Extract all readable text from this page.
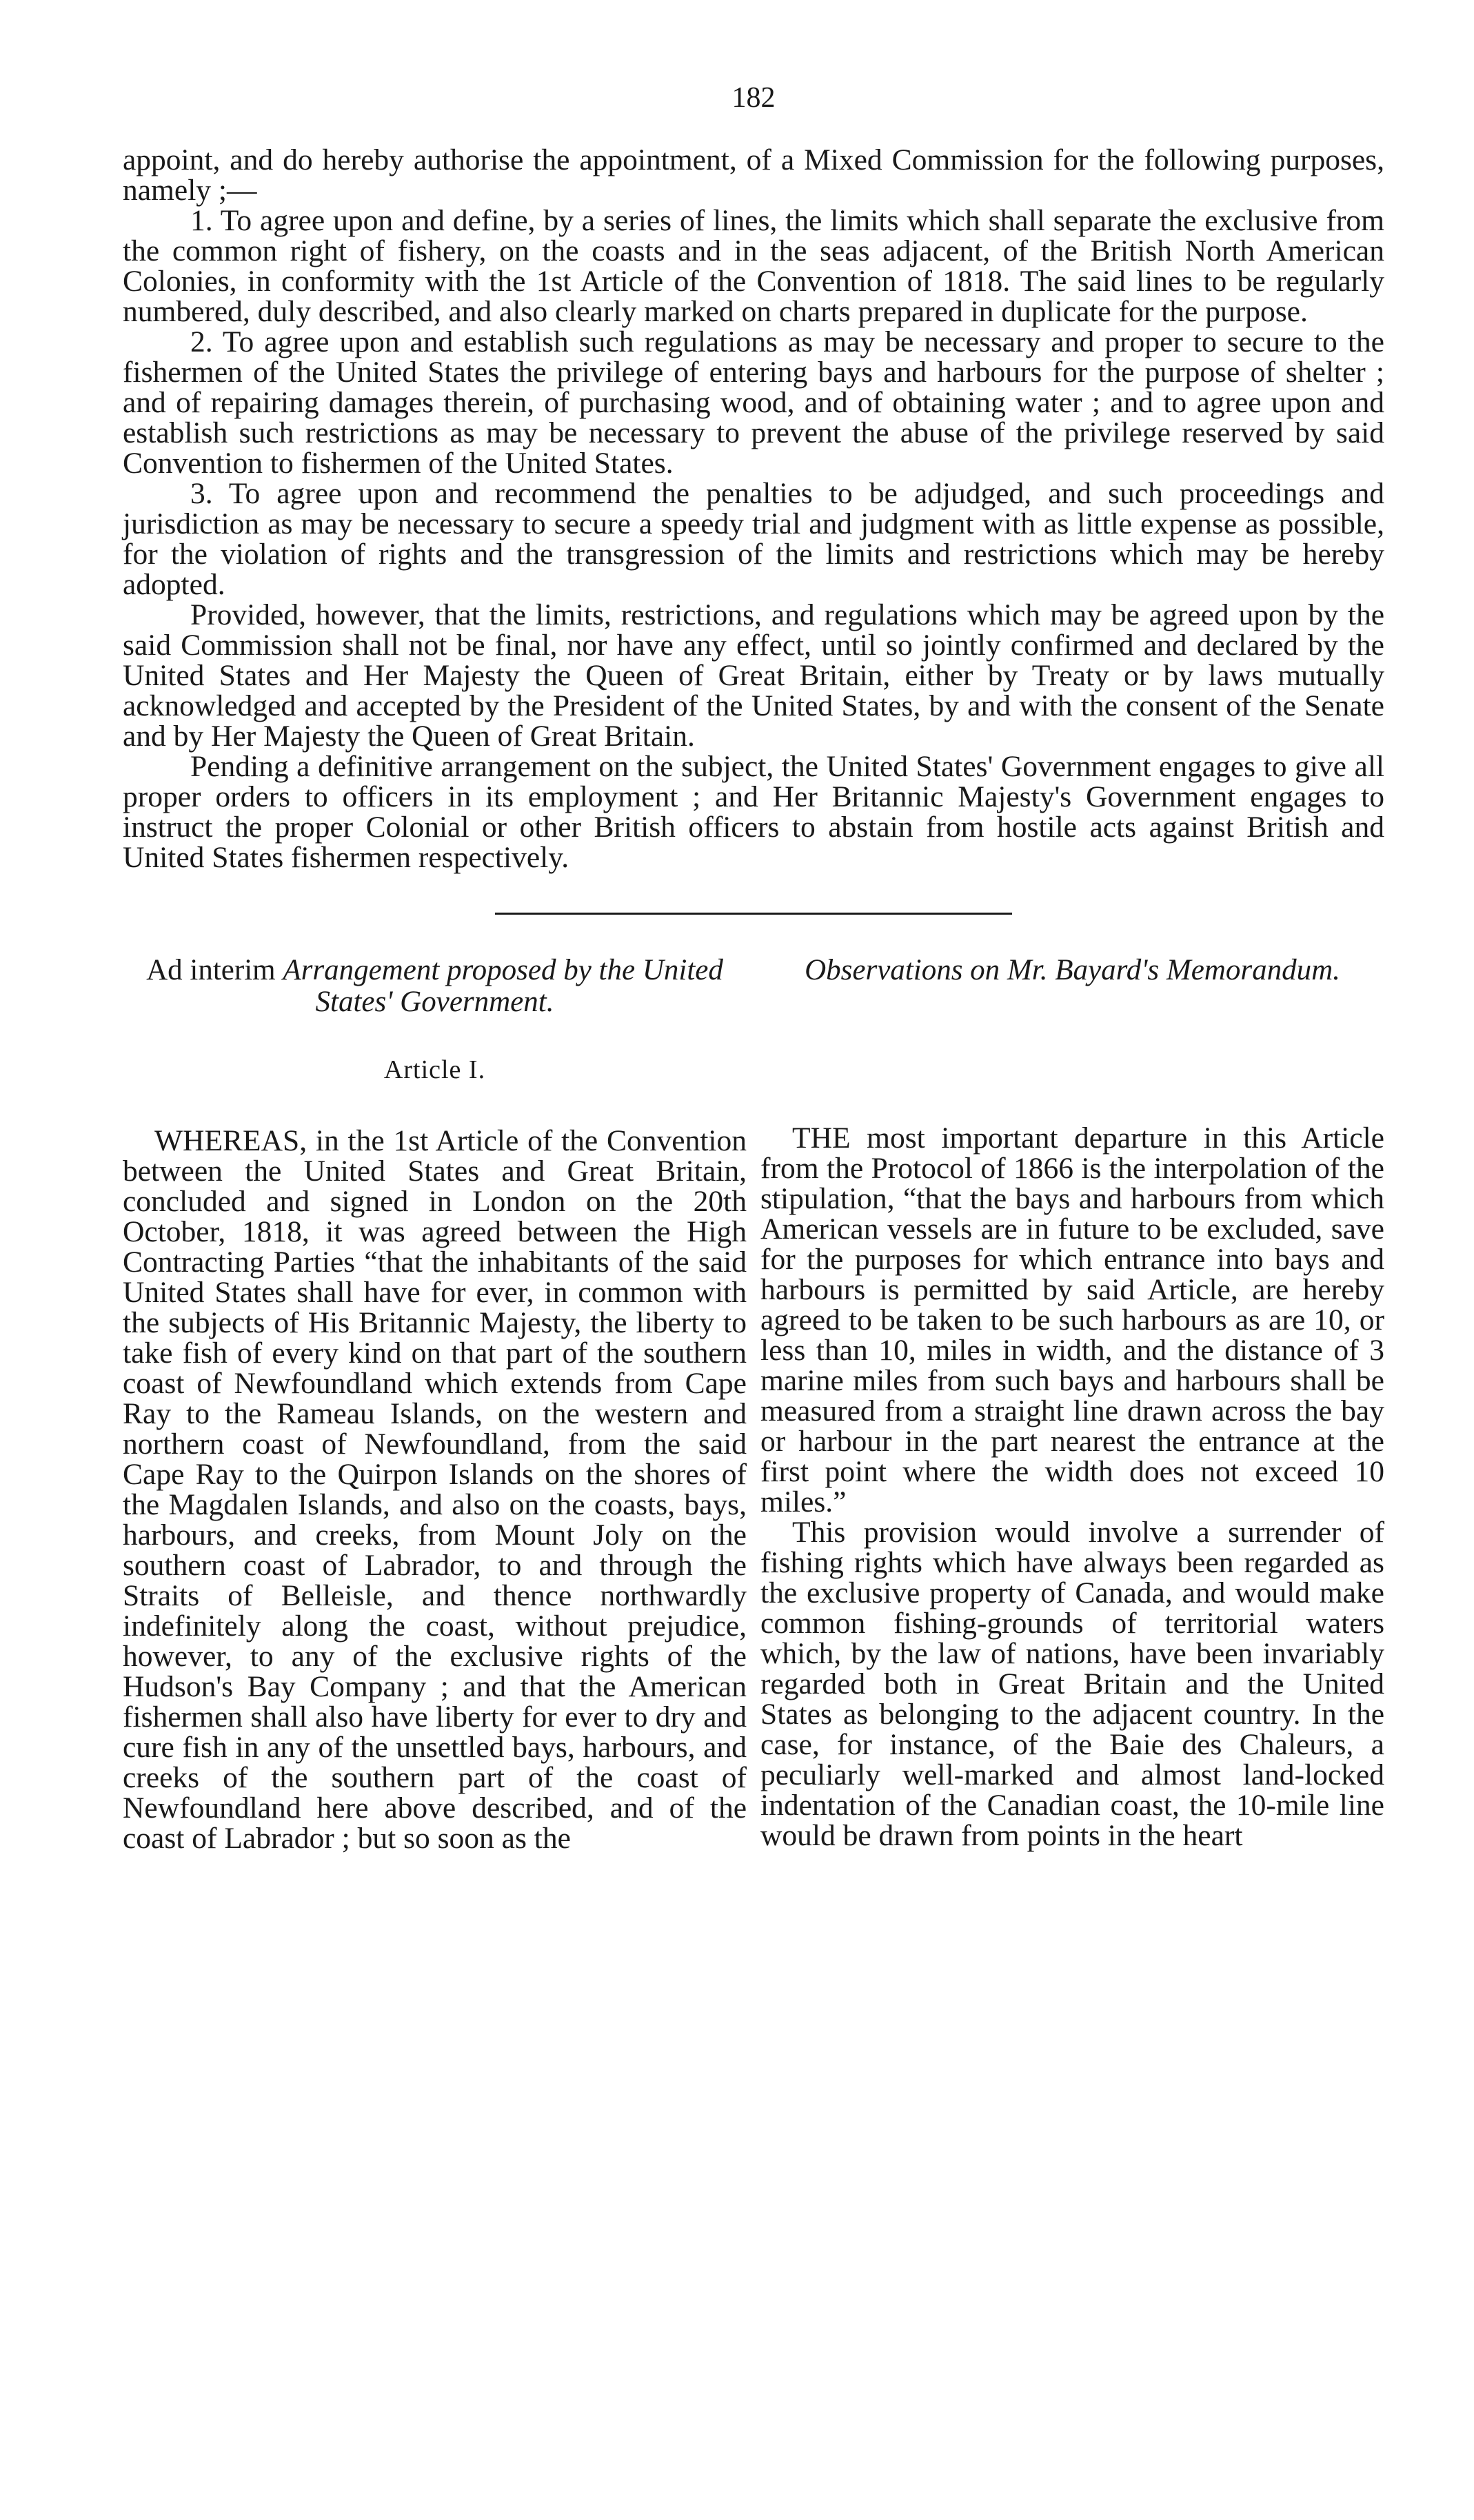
182

appoint, and do hereby authorise the appointment, of a Mixed Commission for the following purposes, namely ;—

1. To agree upon and define, by a series of lines, the limits which shall separate the exclusive from the common right of fishery, on the coasts and in the seas adjacent, of the British North American Colonies, in conformity with the 1st Article of the Convention of 1818. The said lines to be regularly numbered, duly described, and also clearly marked on charts prepared in duplicate for the purpose.

2. To agree upon and establish such regulations as may be necessary and proper to secure to the fishermen of the United States the privilege of entering bays and harbours for the purpose of shelter ; and of repairing damages therein, of purchasing wood, and of obtaining water ; and to agree upon and establish such restrictions as may be necessary to prevent the abuse of the privilege reserved by said Convention to fishermen of the United States.

3. To agree upon and recommend the penalties to be adjudged, and such proceedings and jurisdiction as may be necessary to secure a speedy trial and judgment with as little expense as possible, for the violation of rights and the transgression of the limits and restrictions which may be hereby adopted.

Provided, however, that the limits, restrictions, and regulations which may be agreed upon by the said Commission shall not be final, nor have any effect, until so jointly confirmed and declared by the United States and Her Majesty the Queen of Great Britain, either by Treaty or by laws mutually acknowledged and accepted by the President of the United States, by and with the consent of the Senate and by Her Majesty the Queen of Great Britain.

Pending a definitive arrangement on the subject, the United States' Government engages to give all proper orders to officers in its employment ; and Her Britannic Majesty's Government engages to instruct the proper Colonial or other British officers to abstain from hostile acts against British and United States fishermen respectively.

Ad interim Arrangement proposed by the United States' Government.
Article I.

WHEREAS, in the 1st Article of the Convention between the United States and Great Britain, concluded and signed in London on the 20th October, 1818, it was agreed between the High Contracting Parties “that the inhabitants of the said United States shall have for ever, in common with the subjects of His Britannic Majesty, the liberty to take fish of every kind on that part of the southern coast of Newfoundland which extends from Cape Ray to the Rameau Islands, on the western and northern coast of Newfoundland, from the said Cape Ray to the Quirpon Islands on the shores of the Magdalen Islands, and also on the coasts, bays, harbours, and creeks, from Mount Joly on the southern coast of Labrador, to and through the Straits of Belleisle, and thence northwardly indefinitely along the coast, without prejudice, however, to any of the exclusive rights of the Hudson's Bay Company ; and that the American fishermen shall also have liberty for ever to dry and cure fish in any of the unsettled bays, harbours, and creeks of the southern part of the coast of Newfoundland here above described, and of the coast of Labrador ; but so soon as the

Observations on Mr. Bayard's Memorandum.

THE most important departure in this Article from the Protocol of 1866 is the interpolation of the stipulation, “that the bays and harbours from which American vessels are in future to be excluded, save for the purposes for which entrance into bays and harbours is permitted by said Article, are hereby agreed to be taken to be such harbours as are 10, or less than 10, miles in width, and the distance of 3 marine miles from such bays and harbours shall be measured from a straight line drawn across the bay or harbour in the part nearest the entrance at the first point where the width does not exceed 10 miles.”

This provision would involve a surrender of fishing rights which have always been regarded as the exclusive property of Canada, and would make common fishing-grounds of territorial waters which, by the law of nations, have been invariably regarded both in Great Britain and the United States as belonging to the adjacent country. In the case, for instance, of the Baie des Chaleurs, a peculiarly well-marked and almost land-locked indentation of the Canadian coast, the 10-mile line would be drawn from points in the heart
